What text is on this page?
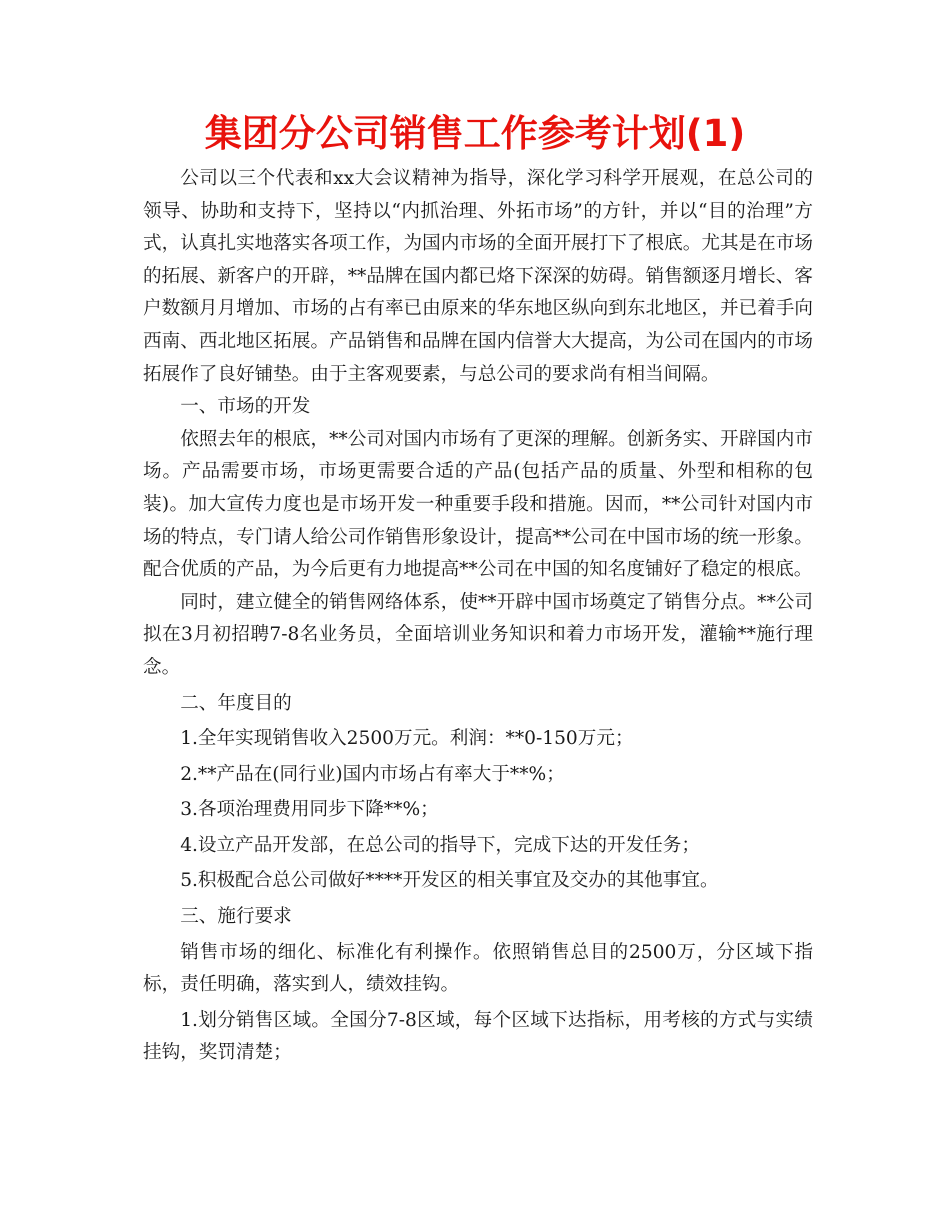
集团分公司销售工作参考计划(1)

公司以三个代表和xx大会议精神为指导，深化学习科学开展观，在总公司的领导、协助和支持下，坚持以“内抓治理、外拓市场”的方针，并以“目的治理”方式，认真扎实地落实各项工作，为国内市场的全面开展打下了根底。尤其是在市场的拓展、新客户的开辟，**品牌在国内都已烙下深深的妨碍。销售额逐月增长、客户数额月月增加、市场的占有率已由原来的华东地区纵向到东北地区，并已着手向西南、西北地区拓展。产品销售和品牌在国内信誉大大提高，为公司在国内的市场拓展作了良好铺垫。由于主客观要素，与总公司的要求尚有相当间隔。

一、市场的开发

依照去年的根底，**公司对国内市场有了更深的理解。创新务实、开辟国内市场。产品需要市场，市场更需要合适的产品(包括产品的质量、外型和相称的包装)。加大宣传力度也是市场开发一种重要手段和措施。因而，**公司针对国内市场的特点，专门请人给公司作销售形象设计，提高**公司在中国市场的统一形象。配合优质的产品，为今后更有力地提高**公司在中国的知名度铺好了稳定的根底。

同时，建立健全的销售网络体系，使**开辟中国市场奠定了销售分点。**公司拟在3月初招聘7-8名业务员，全面培训业务知识和着力市场开发，灌输**施行理念。

二、年度目的

1.全年实现销售收入2500万元。利润：**0-150万元；

2.**产品在(同行业)国内市场占有率大于**%；

3.各项治理费用同步下降**%；

4.设立产品开发部，在总公司的指导下，完成下达的开发任务；

5.积极配合总公司做好****开发区的相关事宜及交办的其他事宜。

三、施行要求

销售市场的细化、标准化有利操作。依照销售总目的2500万，分区域下指标，责任明确，落实到人，绩效挂钩。

1.划分销售区域。全国分7-8区域，每个区域下达指标，用考核的方式与实绩挂钩，奖罚清楚；
